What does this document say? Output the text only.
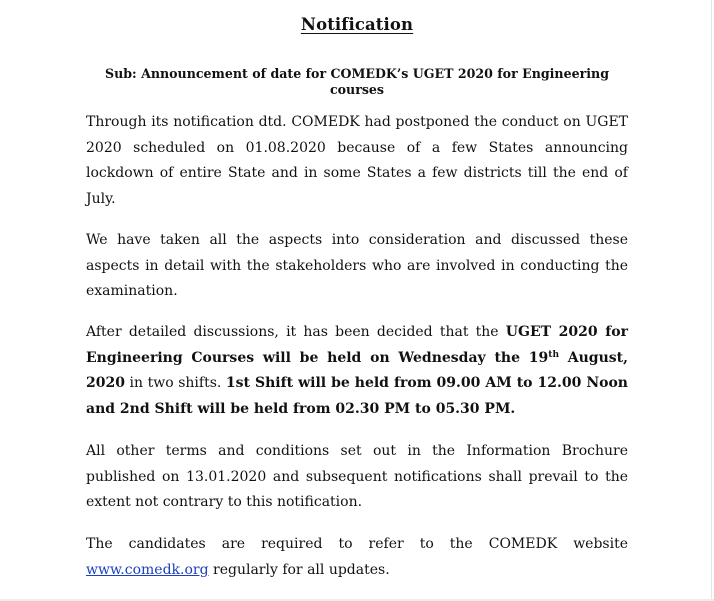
Notification
Sub: Announcement of date for COMEDK’s UGET 2020 for Engineering courses

Through its notification dtd. COMEDK had postponed the conduct on UGET 2020 scheduled on 01.08.2020 because of a few States announcing lockdown of entire State and in some States a few districts till the end of July.

We have taken all the aspects into consideration and discussed these aspects in detail with the stakeholders who are involved in conducting the examination.

After detailed discussions, it has been decided that the UGET 2020 for Engineering Courses will be held on Wednesday the 19th August, 2020 in two shifts. 1st Shift will be held from 09.00 AM to 12.00 Noon and 2nd Shift will be held from 02.30 PM to 05.30 PM.

All other terms and conditions set out in the Information Brochure published on 13.01.2020 and subsequent notifications shall prevail to the extent not contrary to this notification.

The candidates are required to refer to the COMEDK website www.comedk.org regularly for all updates.
